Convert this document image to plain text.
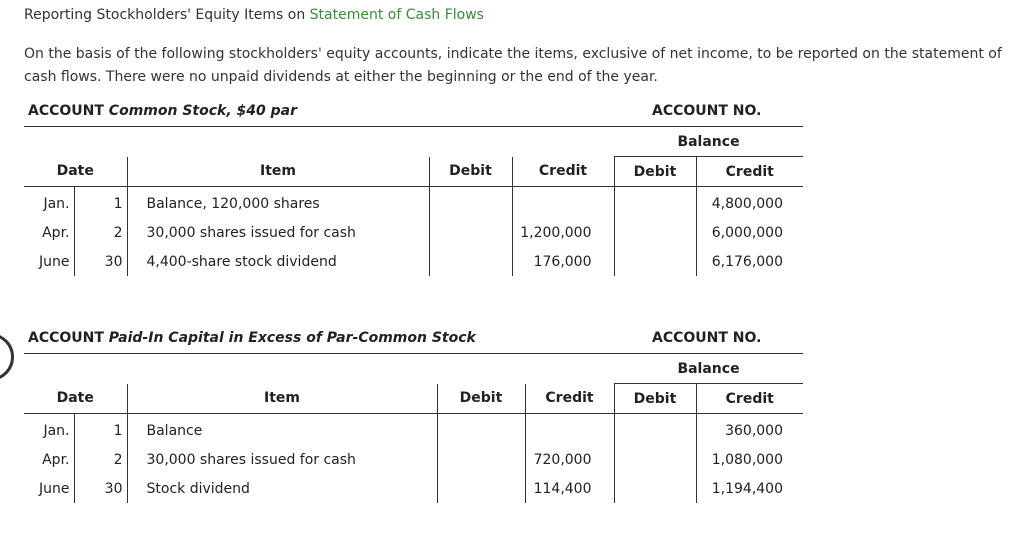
Reporting Stockholders' Equity Items on Statement of Cash Flows
On the basis of the following stockholders' equity accounts, indicate the items, exclusive of net income, to be reported on the statement of cash flows. There were no unpaid dividends at either the beginning or the end of the year.
ACCOUNT Common Stock, $40 par	ACCOUNT NO.
					Balance	
Date		Item	Debit	Credit	Debit	Credit
Jan.	1	Balance, 120,000 shares				4,800,000
Apr.	2	30,000 shares issued for cash		1,200,000		6,000,000
June	30	4,400-share stock dividend		176,000		6,176,000
ACCOUNT Paid-In Capital in Excess of Par-Common Stock	ACCOUNT NO.
					Balance	
Date		Item	Debit	Credit	Debit	Credit
Jan.	1	Balance				360,000
Apr.	2	30,000 shares issued for cash		720,000		1,080,000
June	30	Stock dividend		114,400		1,194,400
